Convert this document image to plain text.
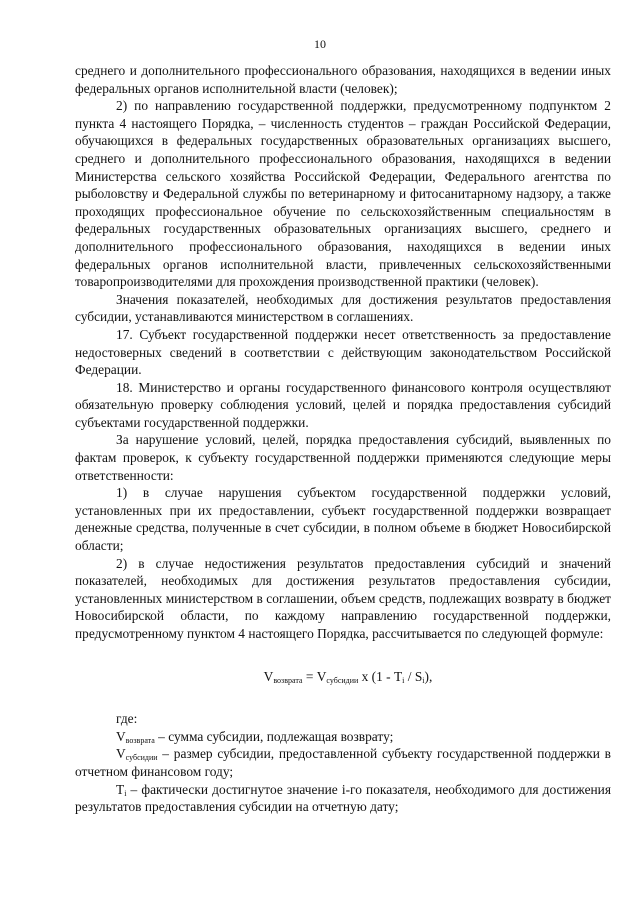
10

среднего и дополнительного профессионального образования, находящихся в ведении иных федеральных органов исполнительной власти (человек);

2) по направлению государственной поддержки, предусмотренному подпунктом 2 пункта 4 настоящего Порядка, – численность студентов – граждан Российской Федерации, обучающихся в федеральных государственных образовательных организациях высшего, среднего и дополнительного профессионального образования, находящихся в ведении Министерства сельского хозяйства Российской Федерации, Федерального агентства по рыболовству и Федеральной службы по ветеринарному и фитосанитарному надзору, а также проходящих профессиональное обучение по сельскохозяйственным специальностям в федеральных государственных образовательных организациях высшего, среднего и дополнительного профессионального образования, находящихся в ведении иных федеральных органов исполнительной власти, привлеченных сельскохозяйственными товаропроизводителями для прохождения производственной практики (человек).

Значения показателей, необходимых для достижения результатов предоставления субсидии, устанавливаются министерством в соглашениях.

17. Субъект государственной поддержки несет ответственность за предоставление недостоверных сведений в соответствии с действующим законодательством Российской Федерации.

18. Министерство и органы государственного финансового контроля осуществляют обязательную проверку соблюдения условий, целей и порядка предоставления субсидий субъектами государственной поддержки.

За нарушение условий, целей, порядка предоставления субсидий, выявленных по фактам проверок, к субъекту государственной поддержки применяются следующие меры ответственности:

1) в случае нарушения субъектом государственной поддержки условий, установленных при их предоставлении, субъект государственной поддержки возвращает денежные средства, полученные в счет субсидии, в полном объеме в бюджет Новосибирской области;

2) в случае недостижения результатов предоставления субсидий и значений показателей, необходимых для достижения результатов предоставления субсидии, установленных министерством в соглашении, объем средств, подлежащих возврату в бюджет Новосибирской области, по каждому направлению государственной поддержки, предусмотренному пунктом 4 настоящего Порядка, рассчитывается по следующей формуле:

$V_{возврата} = V_{субсидии}$ х $(1 - T_i / S_i)$,

где:

$V_{возврата}$ – сумма субсидии, подлежащая возврату;

$V_{субсидии}$ – размер субсидии, предоставленной субъекту государственной поддержки в отчетном финансовом году;

$T_i$ – фактически достигнутое значение i-го показателя, необходимого для достижения результатов предоставления субсидии на отчетную дату;
